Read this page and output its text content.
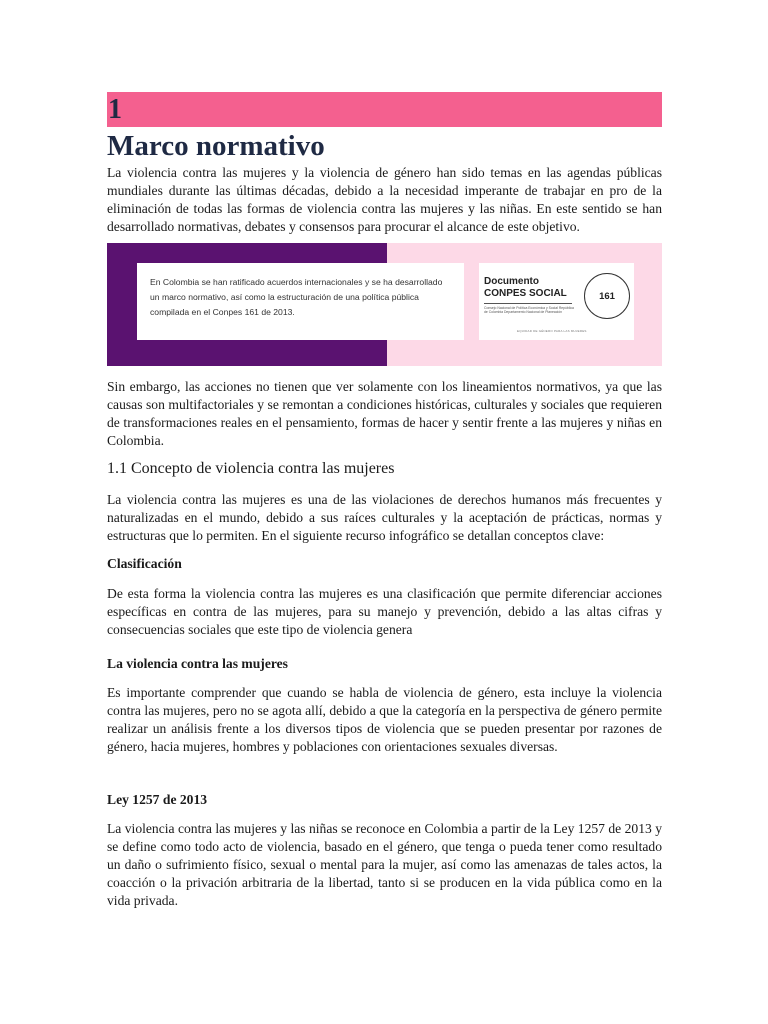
1
Marco normativo

La violencia contra las mujeres y la violencia de género han sido temas en las agendas públicas mundiales durante las últimas décadas, debido a la necesidad imperante de trabajar en pro de la eliminación de todas las formas de violencia contra las mujeres y las niñas. En este sentido se han desarrollado normativas, debates y consensos para procurar el alcance de este objetivo.

En Colombia se han ratificado acuerdos internacionales y se ha desarrollado un marco normativo, así como la estructuración de una política pública compilada en el Conpes 161 de 2013.
Documento
CONPES SOCIAL
Consejo Nacional de Política Económica y Social República de Colombia Departamento Nacional de Planeación
EQUIDAD DE GÉNERO PARA LAS MUJERES
161

Sin embargo, las acciones no tienen que ver solamente con los lineamientos normativos, ya que las causas son multifactoriales y se remontan a condiciones históricas, culturales y sociales que requieren de transformaciones reales en el pensamiento, formas de hacer y sentir frente a las mujeres y niñas en Colombia.

1.1 Concepto de violencia contra las mujeres

La violencia contra las mujeres es una de las violaciones de derechos humanos más frecuentes y naturalizadas en el mundo, debido a sus raíces culturales y la aceptación de prácticas, normas y estructuras que lo permiten. En el siguiente recurso infográfico se detallan conceptos clave:

Clasificación

De esta forma la violencia contra las mujeres es una clasificación que permite diferenciar acciones específicas en contra de las mujeres, para su manejo y prevención, debido a las altas cifras y consecuencias sociales que este tipo de violencia genera

La violencia contra las mujeres

Es importante comprender que cuando se habla de violencia de género, esta incluye la violencia contra las mujeres, pero no se agota allí, debido a que la categoría en la perspectiva de género permite realizar un análisis frente a los diversos tipos de violencia que se pueden presentar por razones de género, hacia mujeres, hombres y poblaciones con orientaciones sexuales diversas.

Ley 1257 de 2013

La violencia contra las mujeres y las niñas se reconoce en Colombia a partir de la Ley 1257 de 2013 y se define como todo acto de violencia, basado en el género, que tenga o pueda tener como resultado un daño o sufrimiento físico, sexual o mental para la mujer, así como las amenazas de tales actos, la coacción o la privación arbitraria de la libertad, tanto si se producen en la vida pública como en la vida privada.
